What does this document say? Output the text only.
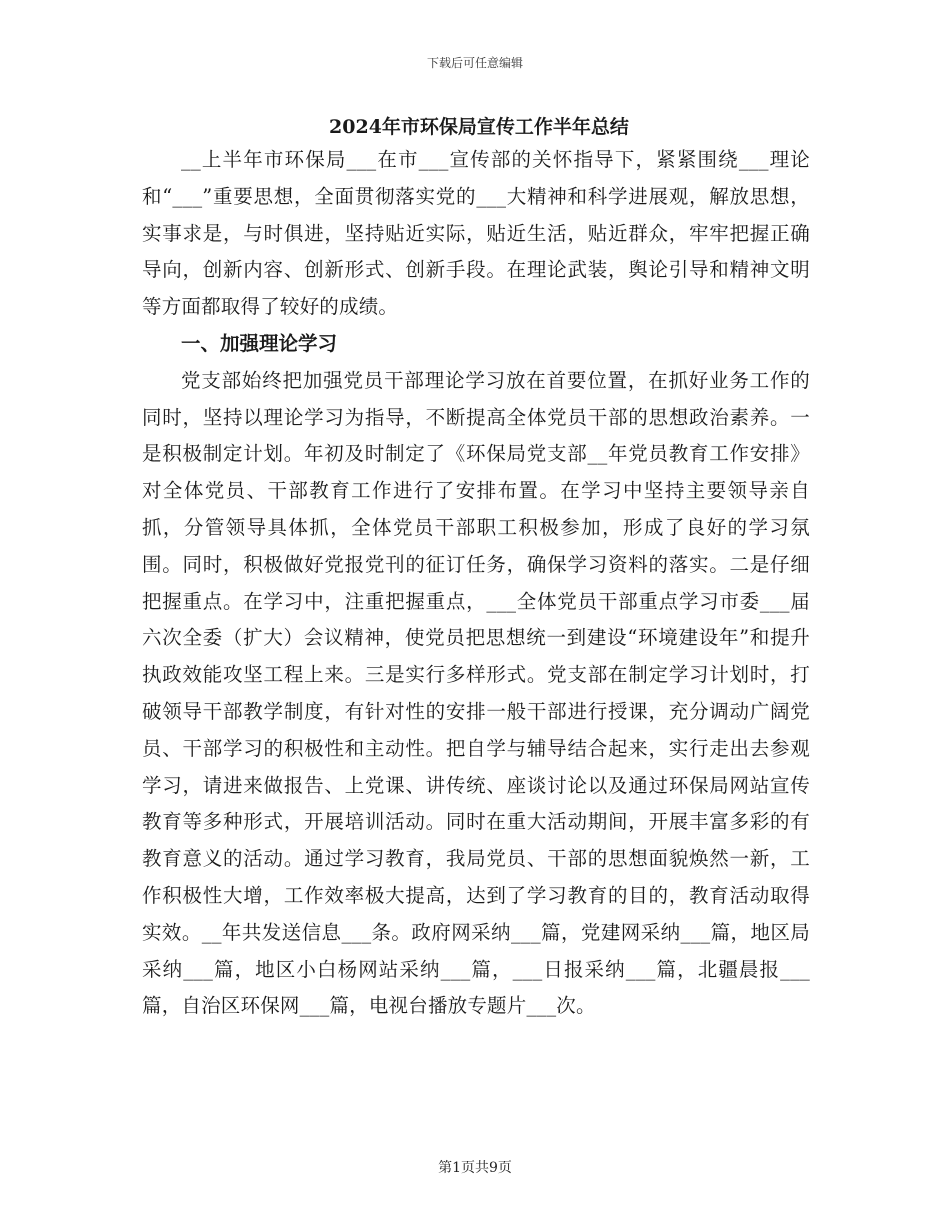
下载后可任意编辑
2024年市环保局宣传工作半年总结

__上半年市环保局___在市___宣传部的关怀指导下，紧紧围绕___理论和“___”重要思想，全面贯彻落实党的___大精神和科学进展观，解放思想，实事求是，与时俱进，坚持贴近实际，贴近生活，贴近群众，牢牢把握正确导向，创新内容、创新形式、创新手段。在理论武装，舆论引导和精神文明等方面都取得了较好的成绩。

一、加强理论学习

党支部始终把加强党员干部理论学习放在首要位置，在抓好业务工作的同时，坚持以理论学习为指导，不断提高全体党员干部的思想政治素养。一是积极制定计划。年初及时制定了《环保局党支部__年党员教育工作安排》对全体党员、干部教育工作进行了安排布置。在学习中坚持主要领导亲自抓，分管领导具体抓，全体党员干部职工积极参加，形成了良好的学习氛围。同时，积极做好党报党刊的征订任务，确保学习资料的落实。二是仔细把握重点。在学习中，注重把握重点，___全体党员干部重点学习市委___届六次全委（扩大）会议精神，使党员把思想统一到建设“环境建设年”和提升执政效能攻坚工程上来。三是实行多样形式。党支部在制定学习计划时，打破领导干部教学制度，有针对性的安排一般干部进行授课，充分调动广阔党员、干部学习的积极性和主动性。把自学与辅导结合起来，实行走出去参观学习，请进来做报告、上党课、讲传统、座谈讨论以及通过环保局网站宣传教育等多种形式，开展培训活动。同时在重大活动期间，开展丰富多彩的有教育意义的活动。通过学习教育，我局党员、干部的思想面貌焕然一新，工作积极性大增，工作效率极大提高，达到了学习教育的目的，教育活动取得实效。__年共发送信息___条。政府网采纳___篇，党建网采纳___篇，地区局采纳___篇，地区小白杨网站采纳___篇，___日报采纳___篇，北疆晨报___篇，自治区环保网___篇，电视台播放专题片___次。

第1页共9页
